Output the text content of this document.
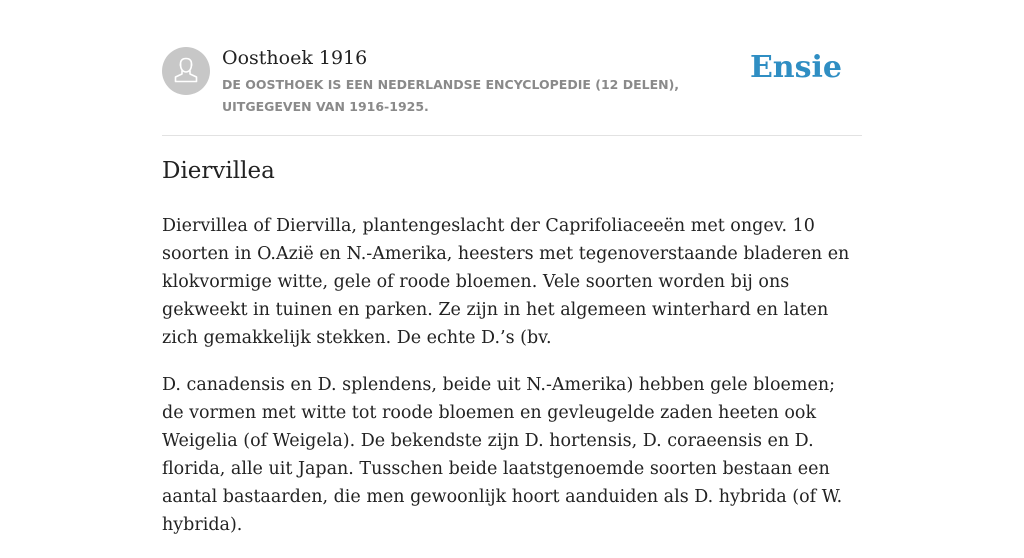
Oosthoek 1916
DE OOSTHOEK IS EEN NEDERLANDSE ENCYCLOPEDIE (12 DELEN), UITGEGEVEN VAN 1916-1925.
Ensie
Diervillea

Diervillea of Diervilla, plantengeslacht der Caprifoliaceeën met ongev. 10 soorten in O.Azië en N.-Amerika, heesters met tegenoverstaande bladeren en klokvormige witte, gele of roode bloemen. Vele soorten worden bij ons gekweekt in tuinen en parken. Ze zijn in het algemeen winterhard en laten zich gemakkelijk stekken. De echte D.’s (bv.

D. canadensis en D. splendens, beide uit N.-Amerika) hebben gele bloemen; de vormen met witte tot roode bloemen en gevleugelde zaden heeten ook Weigelia (of Weigela). De bekendste zijn D. hortensis, D. coraeensis en D. florida, alle uit Japan. Tusschen beide laatstgenoemde soorten bestaan een aantal bastaarden, die men gewoonlijk hoort aanduiden als D. hybrida (of W. hybrida).
